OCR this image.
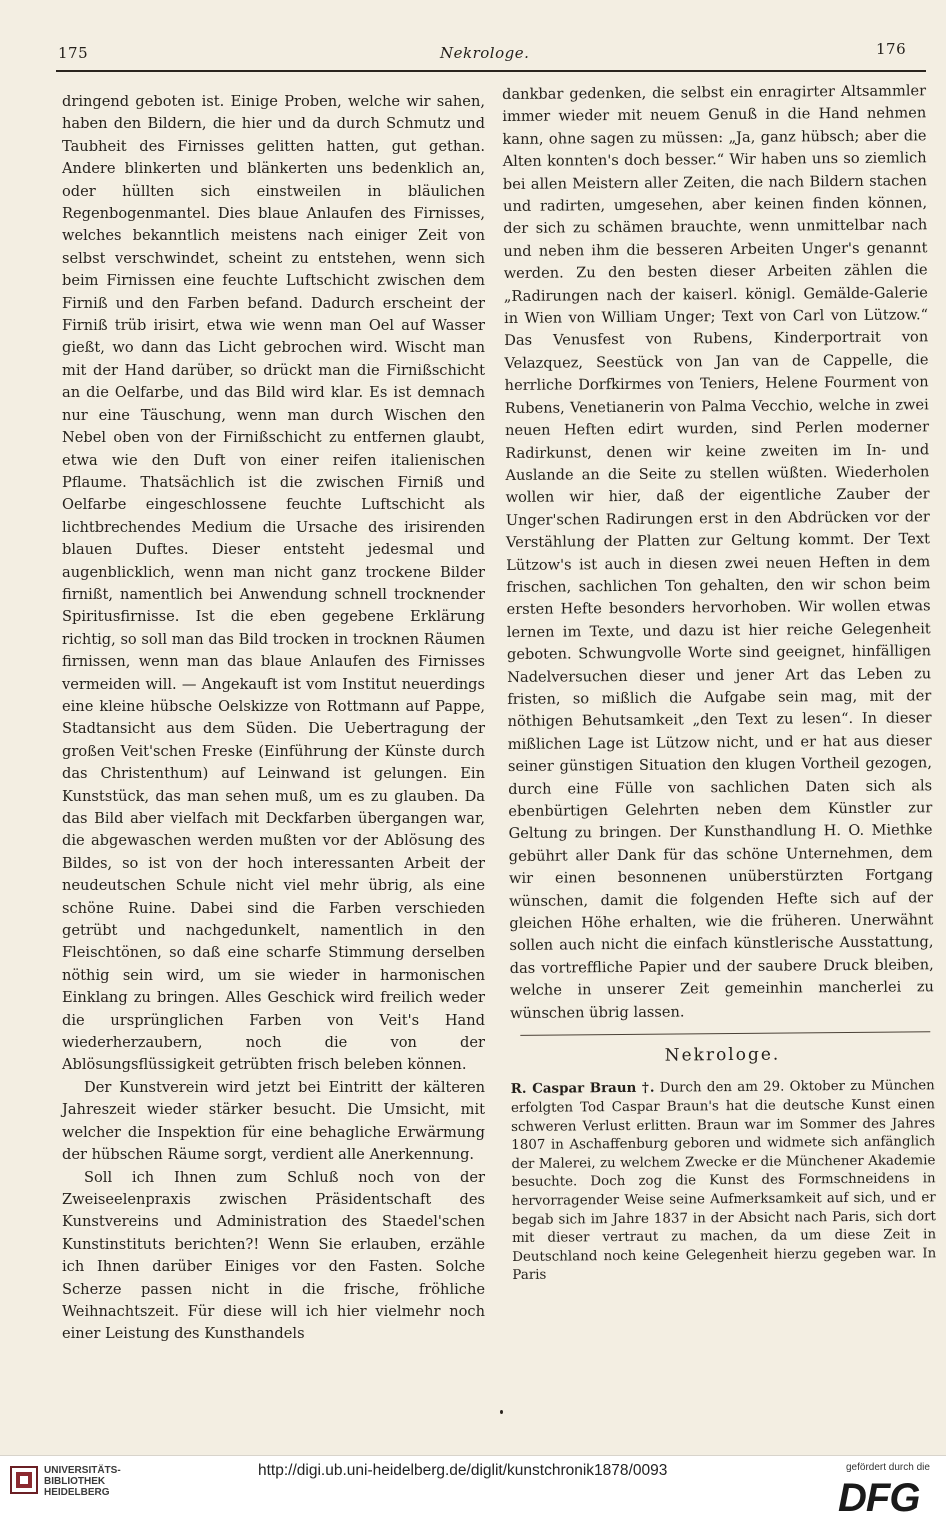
175	Nekrologe.	176

dringend geboten ist. Einige Proben, welche wir sahen, haben den Bildern, die hier und da durch Schmutz und Taubheit des Firnisses gelitten hatten, gut gethan. Andere blinkerten und blänkerten uns bedenklich an, oder hüllten sich einstweilen in bläulichen Regenbogenmantel. Dies blaue Anlaufen des Firnisses, welches bekanntlich meistens nach einiger Zeit von selbst verschwindet, scheint zu entstehen, wenn sich beim Firnissen eine feuchte Luftschicht zwischen dem Firniß und den Farben befand. Dadurch erscheint der Firniß trüb irisirt, etwa wie wenn man Oel auf Wasser gießt, wo dann das Licht gebrochen wird. Wischt man mit der Hand darüber, so drückt man die Firnißschicht an die Oelfarbe, und das Bild wird klar. Es ist demnach nur eine Täuschung, wenn man durch Wischen den Nebel oben von der Firnißschicht zu entfernen glaubt, etwa wie den Duft von einer reifen italienischen Pflaume. Thatsächlich ist die zwischen Firniß und Oelfarbe eingeschlossene feuchte Luftschicht als lichtbrechendes Medium die Ursache des irisirenden blauen Duftes. Dieser entsteht jedesmal und augenblicklich, wenn man nicht ganz trockene Bilder firnißt, namentlich bei Anwendung schnell trocknender Spiritusfirnisse. Ist die eben gegebene Erklärung richtig, so soll man das Bild trocken in trocknen Räumen firnissen, wenn man das blaue Anlaufen des Firnisses vermeiden will. — Angekauft ist vom Institut neuerdings eine kleine hübsche Oelskizze von Rottmann auf Pappe, Stadtansicht aus dem Süden. Die Uebertragung der großen Veit'schen Freske (Einführung der Künste durch das Christenthum) auf Leinwand ist gelungen. Ein Kunststück, das man sehen muß, um es zu glauben. Da das Bild aber vielfach mit Deckfarben übergangen war, die abgewaschen werden mußten vor der Ablösung des Bildes, so ist von der hoch interessanten Arbeit der neudeutschen Schule nicht viel mehr übrig, als eine schöne Ruine. Dabei sind die Farben verschieden getrübt und nachgedunkelt, namentlich in den Fleischtönen, so daß eine scharfe Stimmung derselben nöthig sein wird, um sie wieder in harmonischen Einklang zu bringen. Alles Geschick wird freilich weder die ursprünglichen Farben von Veit's Hand wiederherzaubern, noch die von der Ablösungsflüssigkeit getrübten frisch beleben können.

Der Kunstverein wird jetzt bei Eintritt der kälteren Jahreszeit wieder stärker besucht. Die Umsicht, mit welcher die Inspektion für eine behagliche Erwärmung der hübschen Räume sorgt, verdient alle Anerkennung.

Soll ich Ihnen zum Schluß noch von der Zweiseelenpraxis zwischen Präsidentschaft des Kunstvereins und Administration des Staedel'schen Kunstinstituts berichten?! Wenn Sie erlauben, erzähle ich Ihnen darüber Einiges vor den Fasten. Solche Scherze passen nicht in die frische, fröhliche Weihnachtszeit. Für diese will ich hier vielmehr noch einer Leistung des Kunsthandels

dankbar gedenken, die selbst ein enragirter Altsammler immer wieder mit neuem Genuß in die Hand nehmen kann, ohne sagen zu müssen: „Ja, ganz hübsch; aber die Alten konnten's doch besser.“ Wir haben uns so ziemlich bei allen Meistern aller Zeiten, die nach Bildern stachen und radirten, umgesehen, aber keinen finden können, der sich zu schämen brauchte, wenn unmittelbar nach und neben ihm die besseren Arbeiten Unger's genannt werden. Zu den besten dieser Arbeiten zählen die „Radirungen nach der kaiserl. königl. Gemälde-Galerie in Wien von William Unger; Text von Carl von Lützow.“ Das Venusfest von Rubens, Kinderportrait von Velazquez, Seestück von Jan van de Cappelle, die herrliche Dorfkirmes von Teniers, Helene Fourment von Rubens, Venetianerin von Palma Vecchio, welche in zwei neuen Heften edirt wurden, sind Perlen moderner Radirkunst, denen wir keine zweiten im In- und Auslande an die Seite zu stellen wüßten. Wiederholen wollen wir hier, daß der eigentliche Zauber der Unger'schen Radirungen erst in den Abdrücken vor der Verstählung der Platten zur Geltung kommt. Der Text Lützow's ist auch in diesen zwei neuen Heften in dem frischen, sachlichen Ton gehalten, den wir schon beim ersten Hefte besonders hervorhoben. Wir wollen etwas lernen im Texte, und dazu ist hier reiche Gelegenheit geboten. Schwungvolle Worte sind geeignet, hinfälligen Nadelversuchen dieser und jener Art das Leben zu fristen, so mißlich die Aufgabe sein mag, mit der nöthigen Behutsamkeit „den Text zu lesen“. In dieser mißlichen Lage ist Lützow nicht, und er hat aus dieser seiner günstigen Situation den klugen Vortheil gezogen, durch eine Fülle von sachlichen Daten sich als ebenbürtigen Gelehrten neben dem Künstler zur Geltung zu bringen. Der Kunsthandlung H. O. Miethke gebührt aller Dank für das schöne Unternehmen, dem wir einen besonnenen unüberstürzten Fortgang wünschen, damit die folgenden Hefte sich auf der gleichen Höhe erhalten, wie die früheren. Unerwähnt sollen auch nicht die einfach künstlerische Ausstattung, das vortreffliche Papier und der saubere Druck bleiben, welche in unserer Zeit gemeinhin mancherlei zu wünschen übrig lassen.

Nekrologe.
R. Caspar Braun †. Durch den am 29. Oktober zu München erfolgten Tod Caspar Braun's hat die deutsche Kunst einen schweren Verlust erlitten. Braun war im Sommer des Jahres 1807 in Aschaffenburg geboren und widmete sich anfänglich der Malerei, zu welchem Zwecke er die Münchener Akademie besuchte. Doch zog die Kunst des Formschneidens in hervorragender Weise seine Aufmerksamkeit auf sich, und er begab sich im Jahre 1837 in der Absicht nach Paris, sich dort mit dieser vertraut zu machen, da um diese Zeit in Deutschland noch keine Gelegenheit hierzu gegeben war. In Paris
UNIVERSITÄTS-
BIBLIOTHEK
HEIDELBERG
http://digi.ub.uni-heidelberg.de/diglit/kunstchronik1878/0093	gefördert durch die
DFG
